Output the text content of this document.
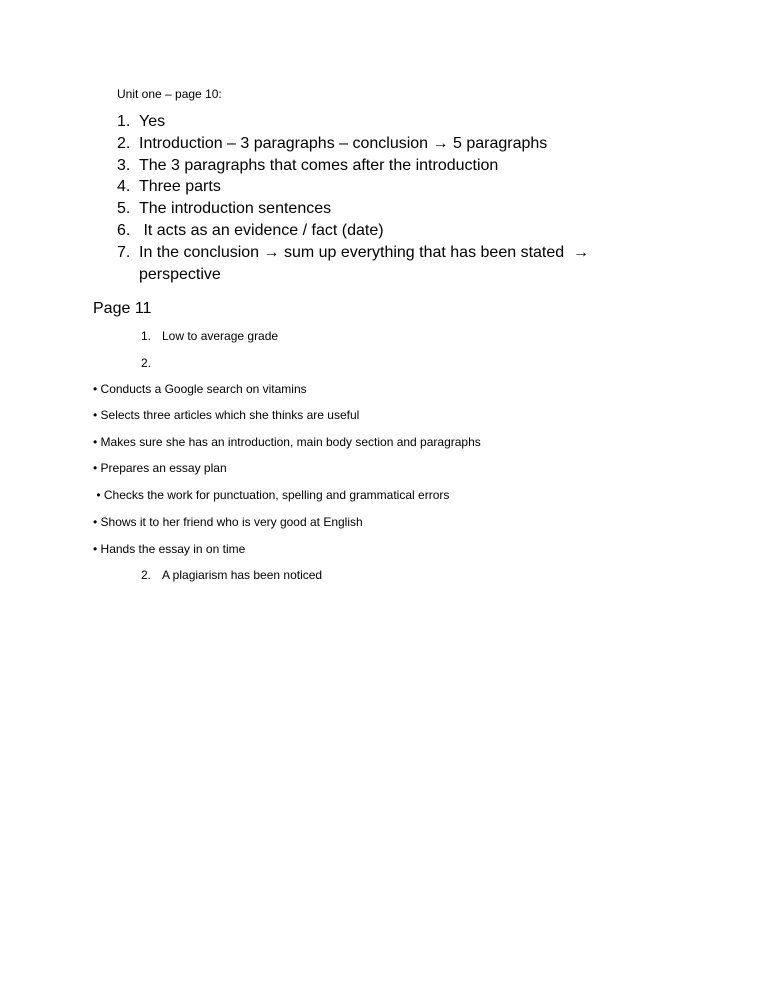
Unit one – page 10:
1. Yes
2. Introduction – 3 paragraphs – conclusion → 5 paragraphs
3. The 3 paragraphs that comes after the introduction
4. Three parts
5. The introduction sentences
6. It acts as an evidence / fact (date)
7. In the conclusion → sum up everything that has been stated  →
perspective
Page 11
1. Low to average grade
2.
• Conducts a Google search on vitamins
• Selects three articles which she thinks are useful
• Makes sure she has an introduction, main body section and paragraphs
• Prepares an essay plan
• Checks the work for punctuation, spelling and grammatical errors
• Shows it to her friend who is very good at English
• Hands the essay in on time
2. A plagiarism has been noticed
